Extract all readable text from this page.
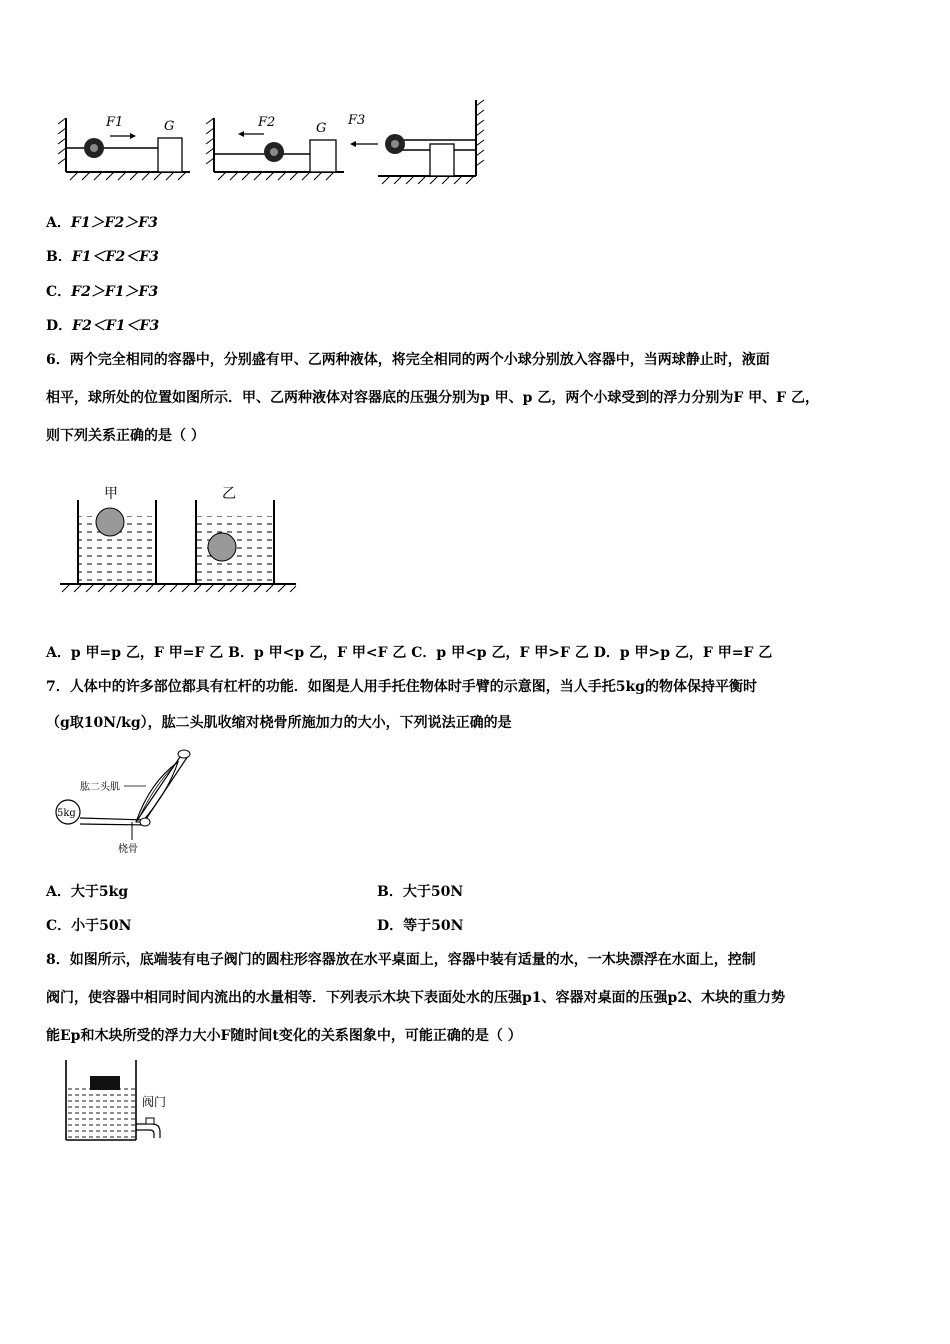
F1	G	F2	G
F3
A．F1＞F2＞F3
B．F1＜F2＜F3
C．F2＞F1＞F3
D．F2＜F1＜F3
6．两个完全相同的容器中，分别盛有甲、乙两种液体，将完全相同的两个小球分别放入容器中，当两球静止时，液面
相平，球所处的位置如图所示．甲、乙两种液体对容器底的压强分别为p 甲、p 乙，两个小球受到的浮力分别为F 甲、F 乙，
则下列关系正确的是（ ）
甲	乙
A．p 甲=p 乙，F 甲=F 乙 B．p 甲<p 乙，F 甲<F 乙 C．p 甲<p 乙，F 甲>F 乙 D．p 甲>p 乙，F 甲=F 乙
7．人体中的许多部位都具有杠杆的功能．如图是人用手托住物体时手臂的示意图，当人手托5kg的物体保持平衡时
（g取10N/kg），肱二头肌收缩对桡骨所施加力的大小，下列说法正确的是
5kg
肱二头肌
桡骨
A．大于5kg	B．大于50N
C．小于50N	D．等于50N
8．如图所示，底端装有电子阀门的圆柱形容器放在水平桌面上，容器中装有适量的水，一木块漂浮在水面上，控制
阀门，使容器中相同时间内流出的水量相等．下列表示木块下表面处水的压强p1、容器对桌面的压强p2、木块的重力势
能Ep和木块所受的浮力大小F随时间t变化的关系图象中，可能正确的是（ ）
阀门
